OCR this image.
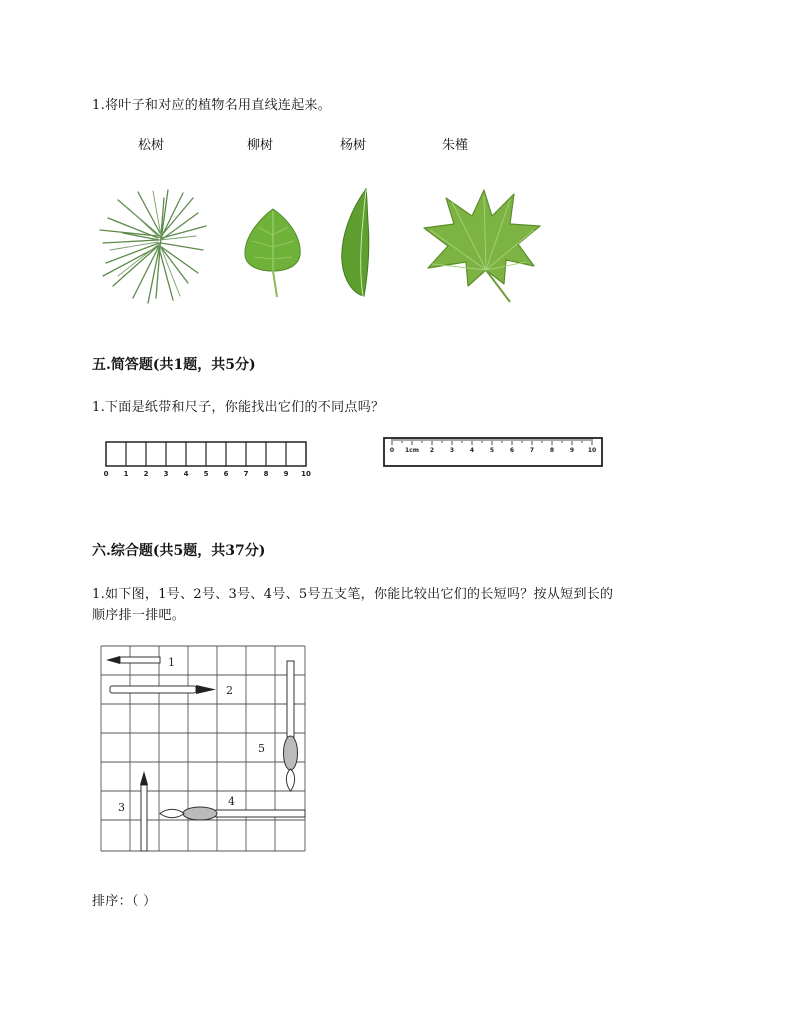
1.将叶子和对应的植物名用直线连起来。
松树	柳树	杨树	朱槿
五.简答题(共1题，共5分)
1.下面是纸带和尺子，你能找出它们的不同点吗？
0 1 2 3 4 5 6 7 8 9 10
0 1cm 2	3	4	5	6	7	8	9 10
六.综合题(共5题，共37分)
1.如下图，1号、2号、3号、4号、5号五支笔，你能比较出它们的长短吗？按从短到长的
顺序排一排吧。
1
2
3	4
5
排序：（ ）
